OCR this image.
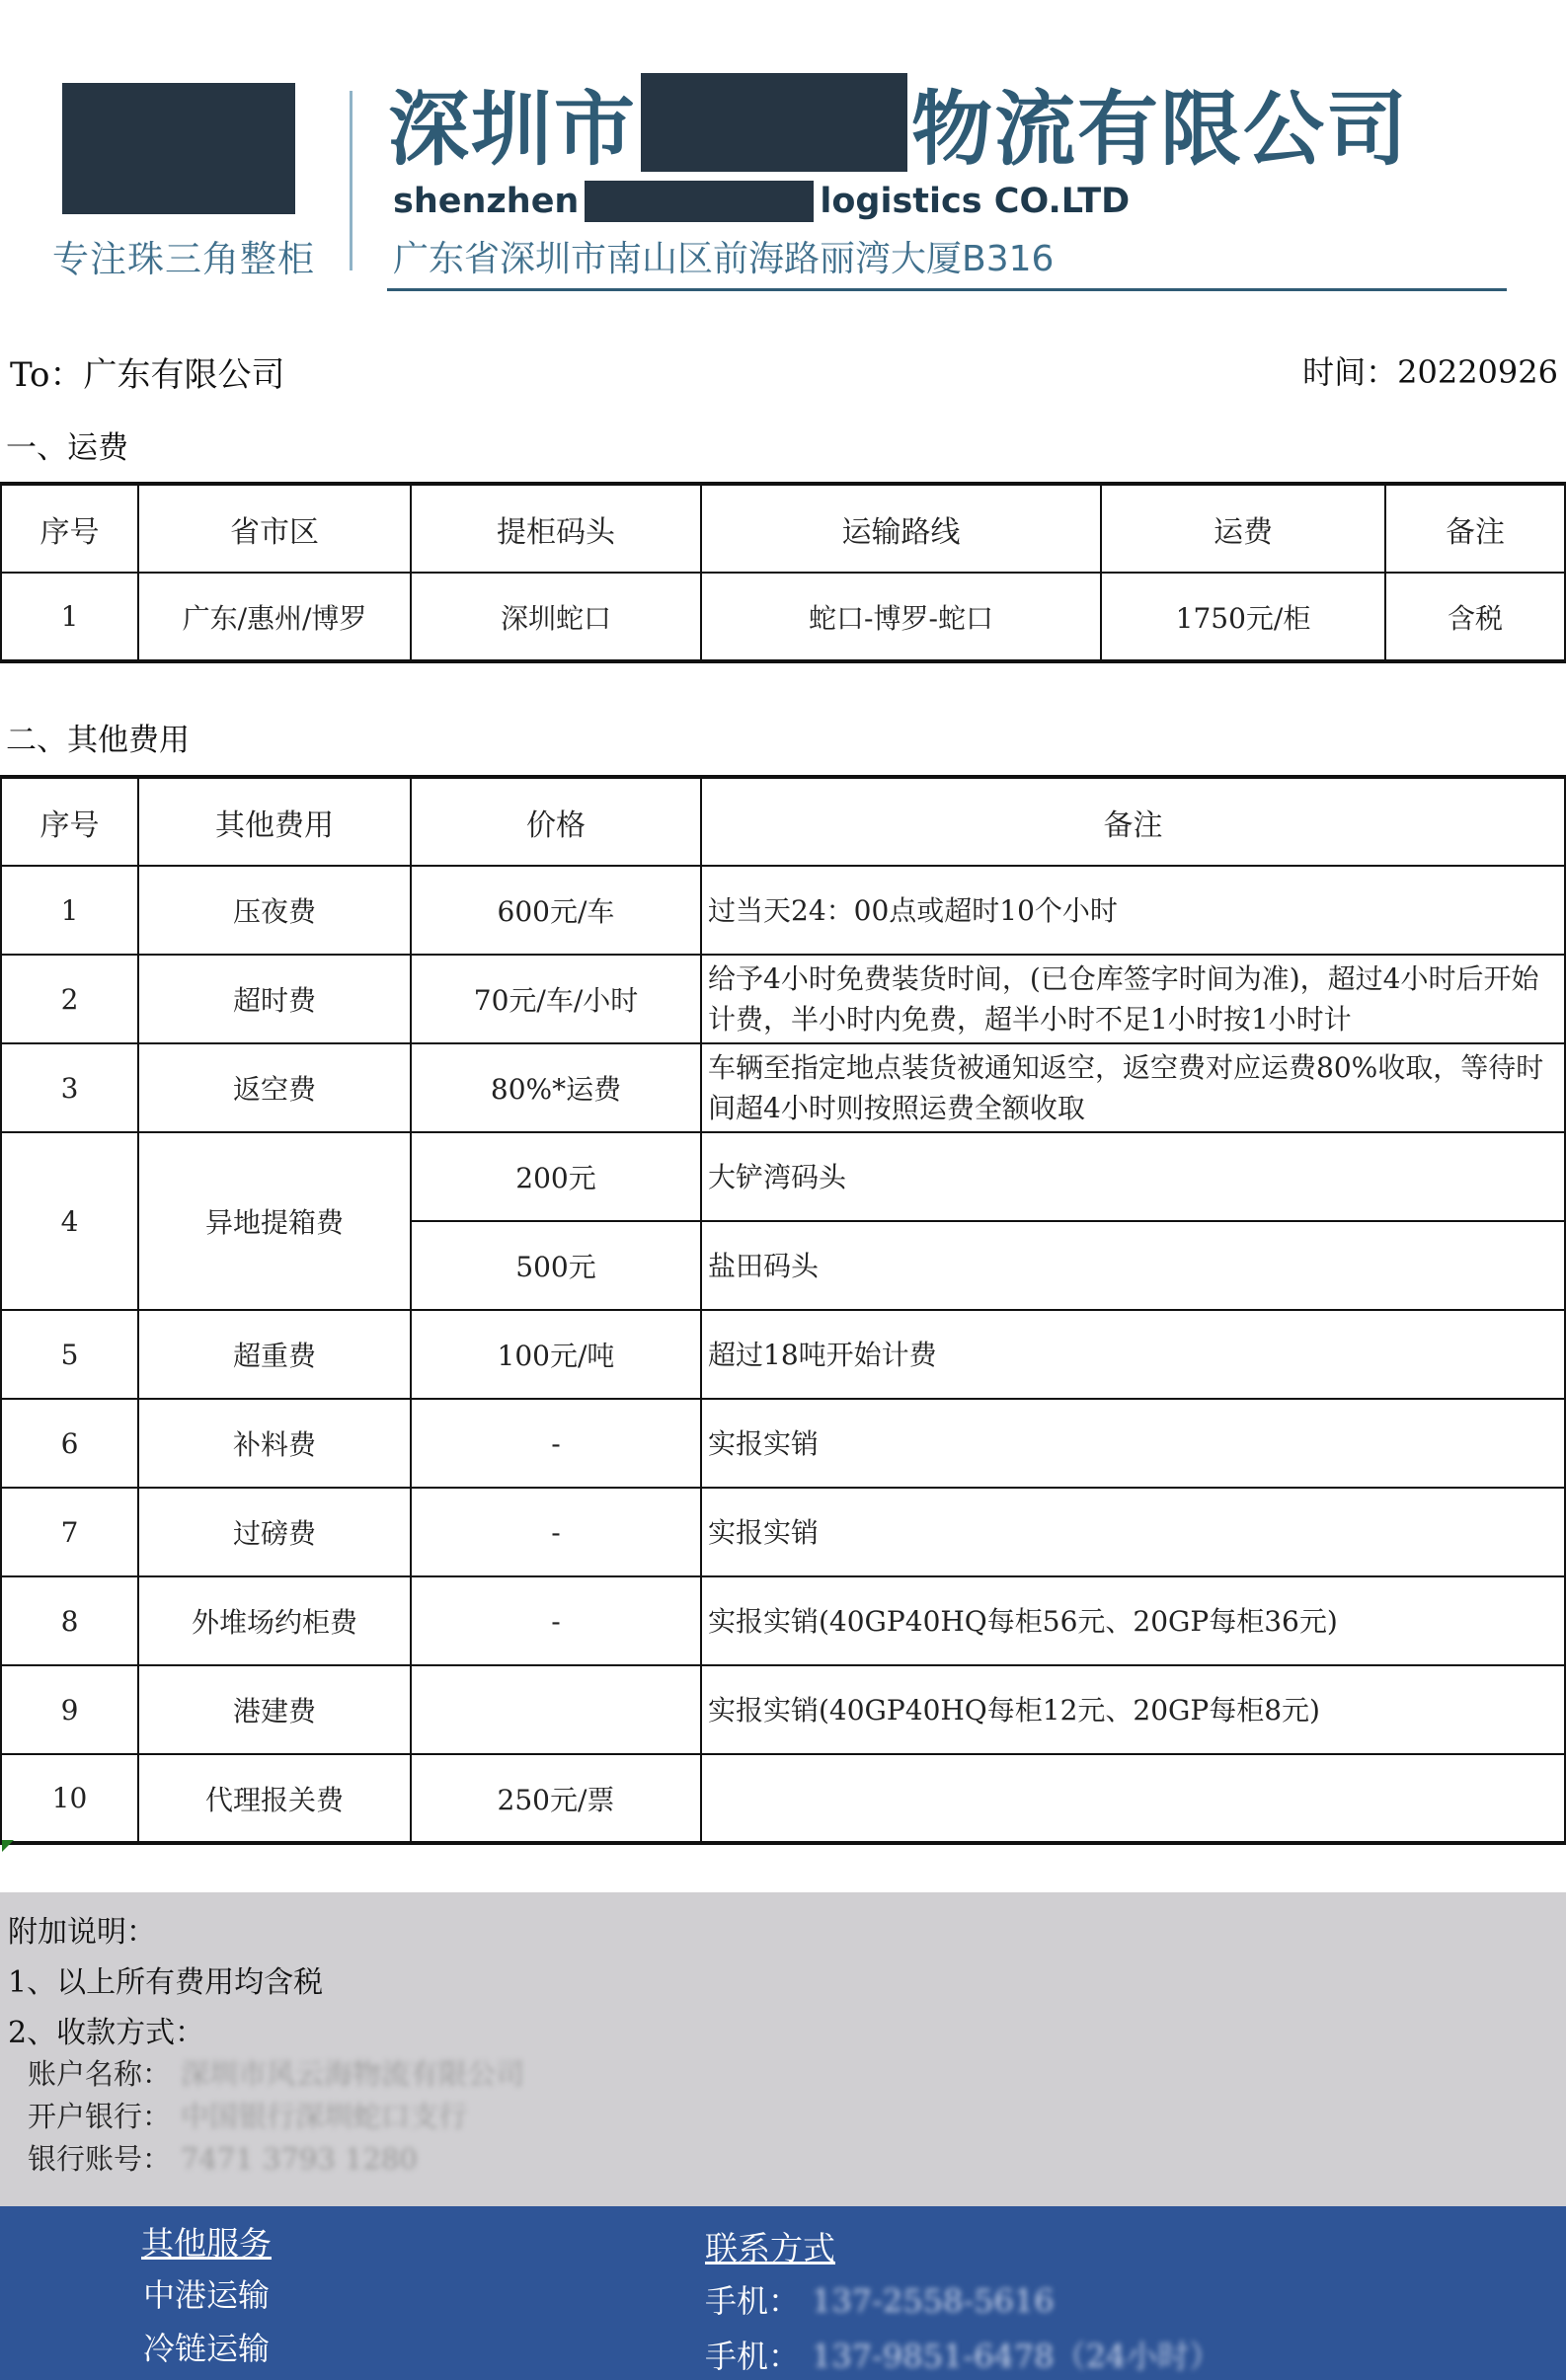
专注珠三角整柜
深圳市	物流有限公司
shenzhen	logistics CO.LTD
广东省深圳市南山区前海路丽湾大厦B316
To：广东有限公司	时间：20220926
一、运费
序号	省市区	提柜码头	运输路线	运费	备注
1	广东/惠州/博罗	深圳蛇口	蛇口-博罗-蛇口	1750元/柜	含税
二、其他费用
序号	其他费用	价格	备注
1	压夜费	600元/车	过当天24：00点或超时10个小时
2	超时费	70元/车/小时	给予4小时免费装货时间，(已仓库签字时间为准)，超过4小时后开始计费，半小时内免费，超半小时不足1小时按1小时计
3	返空费	80%*运费	车辆至指定地点装货被通知返空，返空费对应运费80%收取，等待时间超4小时则按照运费全额收取
4	异地提箱费	200元	大铲湾码头
		500元	盐田码头
5	超重费	100元/吨	超过18吨开始计费
6	补料费	-	实报实销
7	过磅费	-	实报实销
8	外堆场约柜费	-	实报实销(40GP40HQ每柜56元、20GP每柜36元)
9	港建费		实报实销(40GP40HQ每柜12元、20GP每柜8元)
10	代理报关费	250元/票	
附加说明：
1、以上所有费用均含税
2、收款方式：
账户名称： 深圳市风云海物流有限公司
开户银行： 中国银行深圳蛇口支行
银行账号： 7471 3793 1280
其他服务
中港运输
冷链运输
联系方式
手机： 137-2558-5616
手机： 137-9851-6478（24小时）
